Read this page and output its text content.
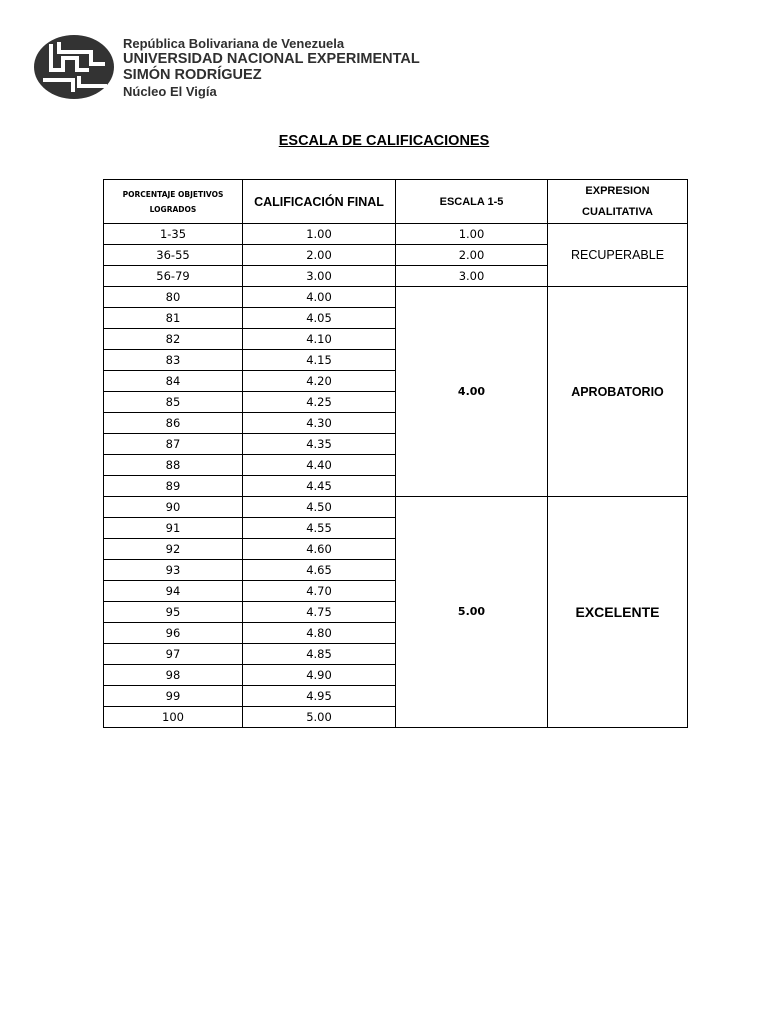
República Bolivariana de Venezuela
UNIVERSIDAD NACIONAL EXPERIMENTAL
SIMÓN RODRÍGUEZ
Núcleo El Vigía
ESCALA DE CALIFICACIONES
PORCENTAJE OBJETIVOS
LOGRADOS	CALIFICACIÓN FINAL	ESCALA 1-5	EXPRESION
CUALITATIVA
1-35	1.00	1.00	RECUPERABLE
36-55	2.00	2.00	
56-79	3.00	3.00	
80	4.00	4.00	APROBATORIO
81	4.05		
82	4.10		
83	4.15		
84	4.20		
85	4.25		
86	4.30		
87	4.35		
88	4.40		
89	4.45		
90	4.50	5.00	EXCELENTE
91	4.55		
92	4.60		
93	4.65		
94	4.70		
95	4.75		
96	4.80		
97	4.85		
98	4.90		
99	4.95		
100	5.00		
